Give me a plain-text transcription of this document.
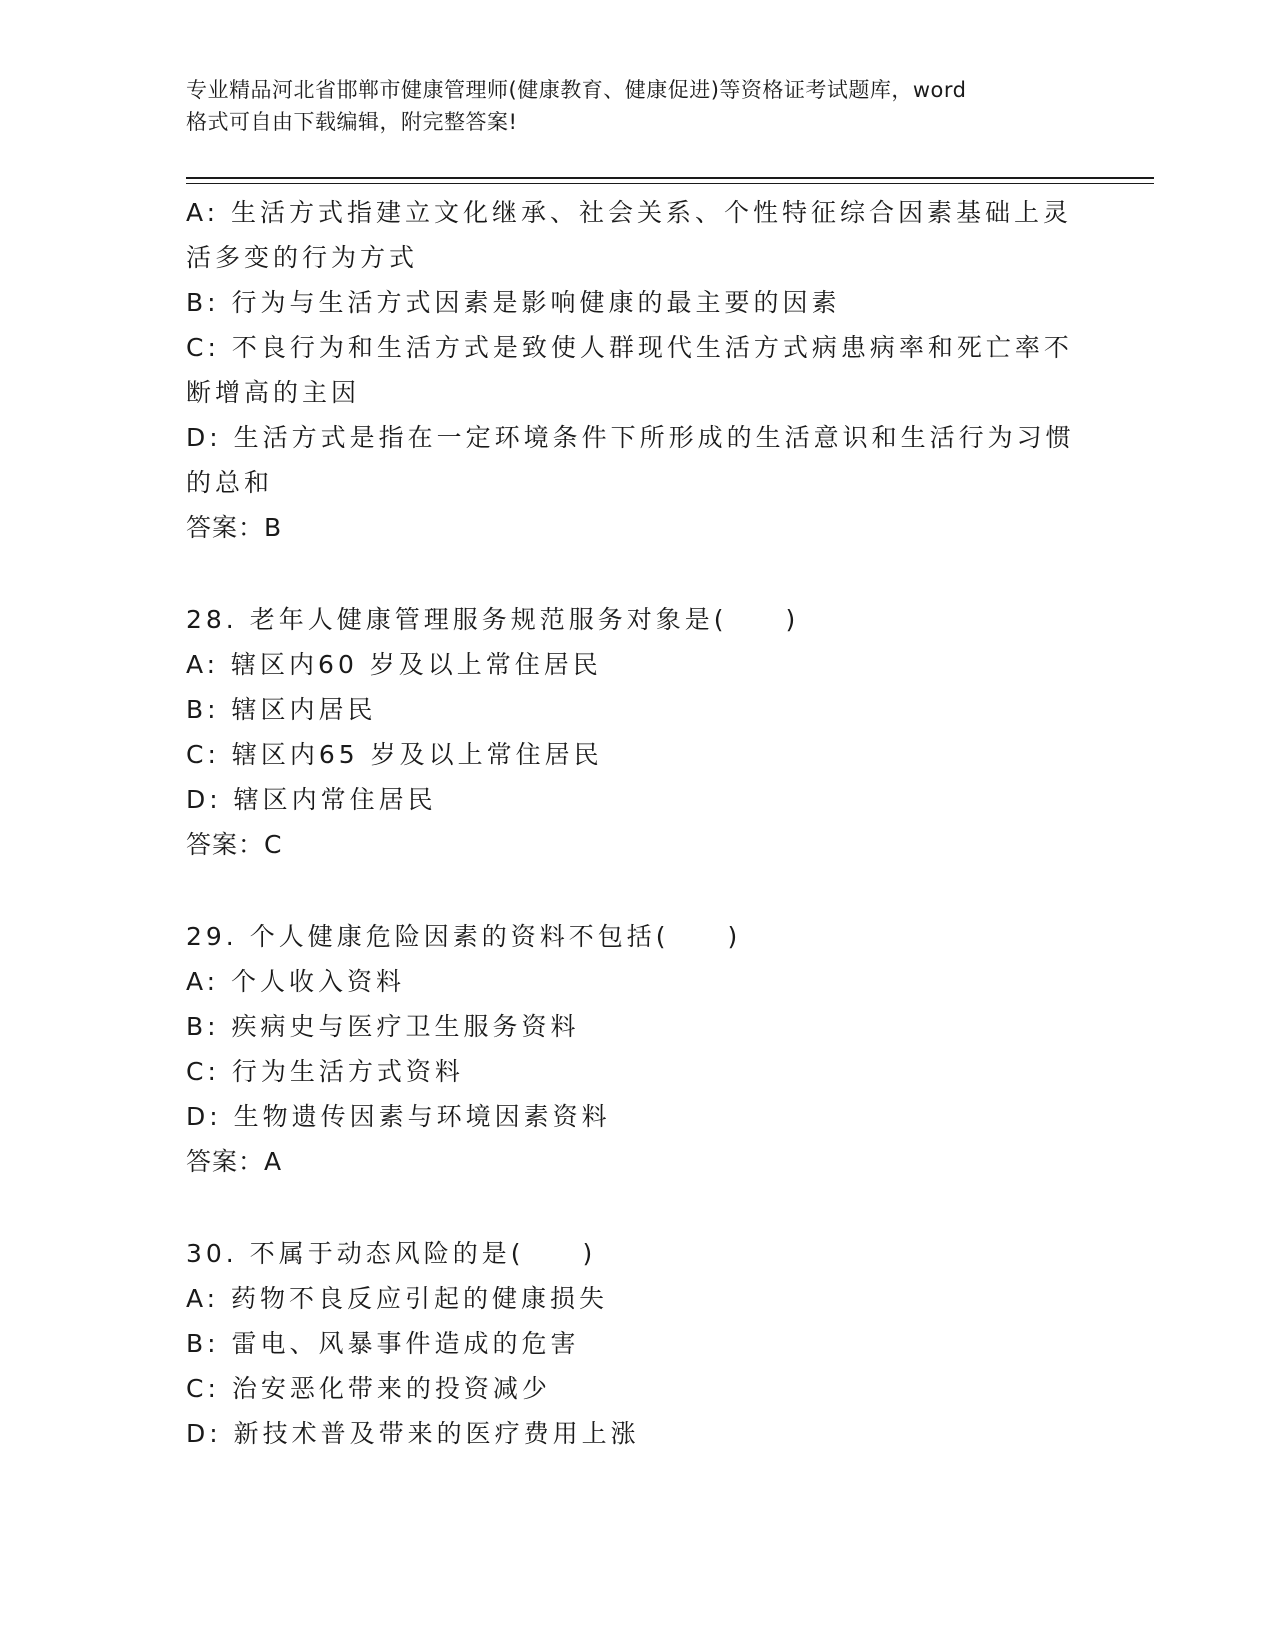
专业精品河北省邯郸市健康管理师(健康教育、健康促进)等资格证考试题库，word
格式可自由下载编辑，附完整答案!
A: 生活方式指建立文化继承、社会关系、个性特征综合因素基础上灵
活多变的行为方式
B: 行为与生活方式因素是影响健康的最主要的因素
C: 不良行为和生活方式是致使人群现代生活方式病患病率和死亡率不
断增高的主因
D: 生活方式是指在一定环境条件下所形成的生活意识和生活行为习惯
的总和
答案：B
28. 老年人健康管理服务规范服务对象是(　　)
A: 辖区内60 岁及以上常住居民
B: 辖区内居民
C: 辖区内65 岁及以上常住居民
D: 辖区内常住居民
答案：C
29. 个人健康危险因素的资料不包括(　　)
A: 个人收入资料
B: 疾病史与医疗卫生服务资料
C: 行为生活方式资料
D: 生物遗传因素与环境因素资料
答案：A
30. 不属于动态风险的是(　　)
A: 药物不良反应引起的健康损失
B: 雷电、风暴事件造成的危害
C: 治安恶化带来的投资减少
D: 新技术普及带来的医疗费用上涨
